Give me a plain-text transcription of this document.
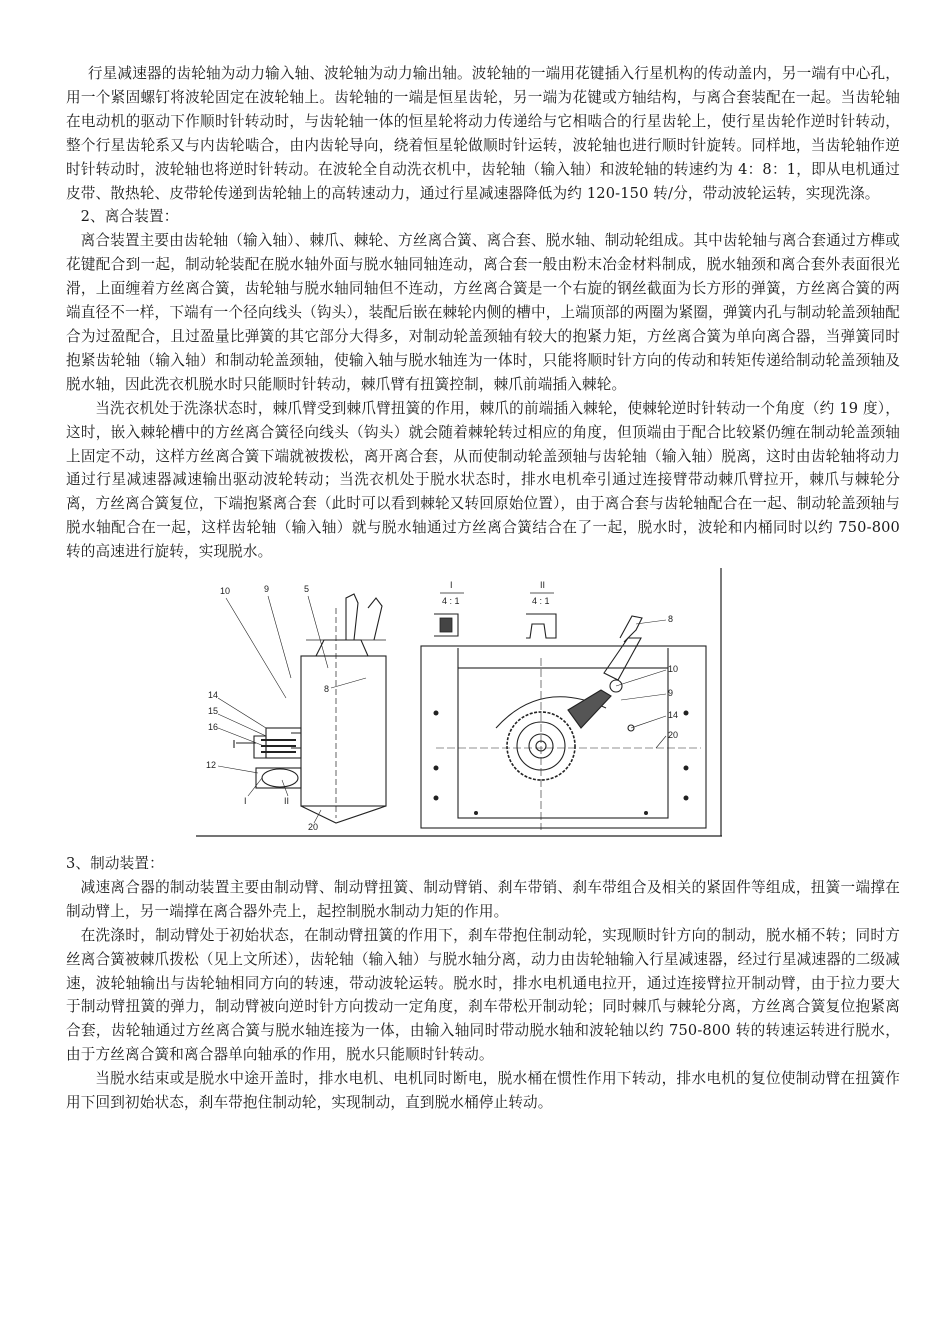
行星减速器的齿轮轴为动力输入轴、波轮轴为动力输出轴。波轮轴的一端用花键插入行星机构的传动盖内，另一端有中心孔，用一个紧固螺钉将波轮固定在波轮轴上。齿轮轴的一端是恒星齿轮，另一端为花键或方轴结构，与离合套装配在一起。当齿轮轴在电动机的驱动下作顺时针转动时，与齿轮轴一体的恒星轮将动力传递给与它相啮合的行星齿轮上，使行星齿轮作逆时针转动，整个行星齿轮系又与内齿轮啮合，由内齿轮导向，绕着恒星轮做顺时针运转，波轮轴也进行顺时针旋转。同样地，当齿轮轴作逆时针转动时，波轮轴也将逆时针转动。在波轮全自动洗衣机中，齿轮轴（输入轴）和波轮轴的转速约为 4：8：1，即从电机通过皮带、散热轮、皮带轮传递到齿轮轴上的高转速动力，通过行星减速器降低为约 120-150 转/分，带动波轮运转，实现洗涤。

2、离合装置：

离合装置主要由齿轮轴（输入轴）、棘爪、棘轮、方丝离合簧、离合套、脱水轴、制动轮组成。其中齿轮轴与离合套通过方榫或花键配合到一起，制动轮装配在脱水轴外面与脱水轴同轴连动，离合套一般由粉末冶金材料制成，脱水轴颈和离合套外表面很光滑，上面缠着方丝离合簧，齿轮轴与脱水轴同轴但不连动，方丝离合簧是一个右旋的钢丝截面为长方形的弹簧，方丝离合簧的两端直径不一样，下端有一个径向线头（钩头），装配后嵌在棘轮内侧的槽中，上端顶部的两圈为紧圈，弹簧内孔与制动轮盖颈轴配合为过盈配合，且过盈量比弹簧的其它部分大得多，对制动轮盖颈轴有较大的抱紧力矩，方丝离合簧为单向离合器，当弹簧同时抱紧齿轮轴（输入轴）和制动轮盖颈轴，使输入轴与脱水轴连为一体时，只能将顺时针方向的传动和转矩传递给制动轮盖颈轴及脱水轴，因此洗衣机脱水时只能顺时针转动，棘爪臂有扭簧控制，棘爪前端插入棘轮。

当洗衣机处于洗涤状态时，棘爪臂受到棘爪臂扭簧的作用，棘爪的前端插入棘轮，使棘轮逆时针转动一个角度（约 19 度），这时，嵌入棘轮槽中的方丝离合簧径向线头（钩头）就会随着棘轮转过相应的角度，但顶端由于配合比较紧仍缠在制动轮盖颈轴上固定不动，这样方丝离合簧下端就被拨松，离开离合套，从而使制动轮盖颈轴与齿轮轴（输入轴）脱离，这时由齿轮轴将动力通过行星减速器减速输出驱动波轮转动；当洗衣机处于脱水状态时，排水电机牵引通过连接臂带动棘爪臂拉开，棘爪与棘轮分离，方丝离合簧复位，下端抱紧离合套（此时可以看到棘轮又转回原始位置），由于离合套与齿轮轴配合在一起、制动轮盖颈轴与脱水轴配合在一起，这样齿轮轴（输入轴）就与脱水轴通过方丝离合簧结合在了一起，脱水时，波轮和内桶同时以约 750-800 转的高速进行旋转，实现脱水。

10	9	5
8
14
15
16
12
I	II
20
I
4 : 1
II
4 : 1
8
10
9
14
20

3、制动装置：

减速离合器的制动装置主要由制动臂、制动臂扭簧、制动臂销、刹车带销、刹车带组合及相关的紧固件等组成，扭簧一端撑在制动臂上，另一端撑在离合器外壳上，起控制脱水制动力矩的作用。

在洗涤时，制动臂处于初始状态，在制动臂扭簧的作用下，刹车带抱住制动轮，实现顺时针方向的制动，脱水桶不转；同时方丝离合簧被棘爪拨松（见上文所述），齿轮轴（输入轴）与脱水轴分离，动力由齿轮轴输入行星减速器，经过行星减速器的二级减速，波轮轴输出与齿轮轴相同方向的转速，带动波轮运转。脱水时，排水电机通电拉开，通过连接臂拉开制动臂，由于拉力要大于制动臂扭簧的弹力，制动臂被向逆时针方向拨动一定角度，刹车带松开制动轮；同时棘爪与棘轮分离，方丝离合簧复位抱紧离合套，齿轮轴通过方丝离合簧与脱水轴连接为一体，由输入轴同时带动脱水轴和波轮轴以约 750-800 转的转速运转进行脱水，由于方丝离合簧和离合器单向轴承的作用，脱水只能顺时针转动。

当脱水结束或是脱水中途开盖时，排水电机、电机同时断电，脱水桶在惯性作用下转动，排水电机的复位使制动臂在扭簧作用下回到初始状态，刹车带抱住制动轮，实现制动，直到脱水桶停止转动。
